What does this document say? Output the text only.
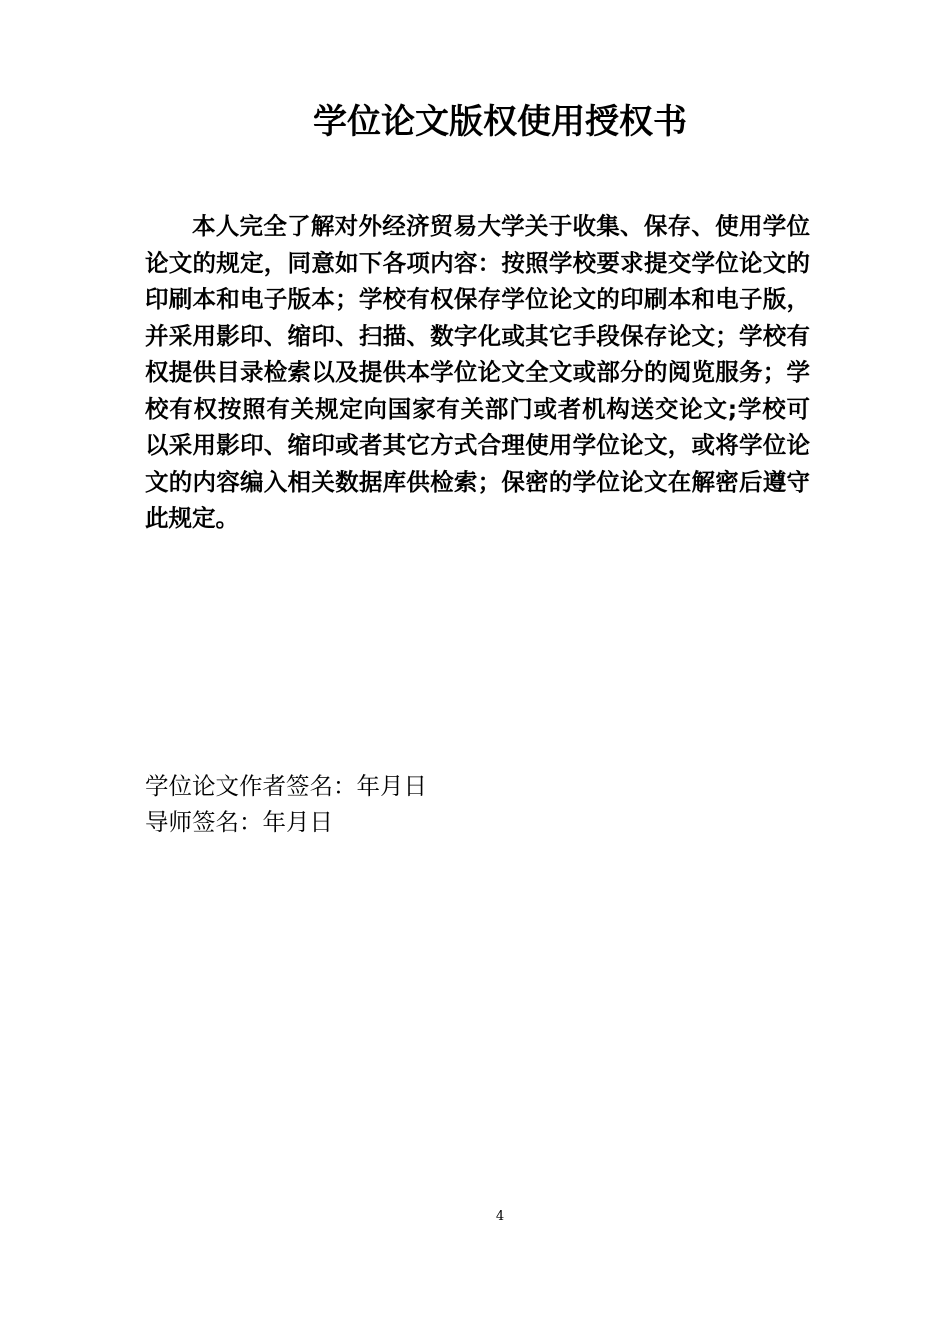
学位论文版权使用授权书

本人完全了解对外经济贸易大学关于收集、保存、使用学位论文的规定，同意如下各项内容：按照学校要求提交学位论文的印刷本和电子版本；学校有权保存学位论文的印刷本和电子版，并采用影印、缩印、扫描、数字化或其它手段保存论文；学校有权提供目录检索以及提供本学位论文全文或部分的阅览服务；学校有权按照有关规定向国家有关部门或者机构送交论文;学校可以采用影印、缩印或者其它方式合理使用学位论文，或将学位论文的内容编入相关数据库供检索；保密的学位论文在解密后遵守此规定。

学位论文作者签名：年月日
导师签名：年月日
4
